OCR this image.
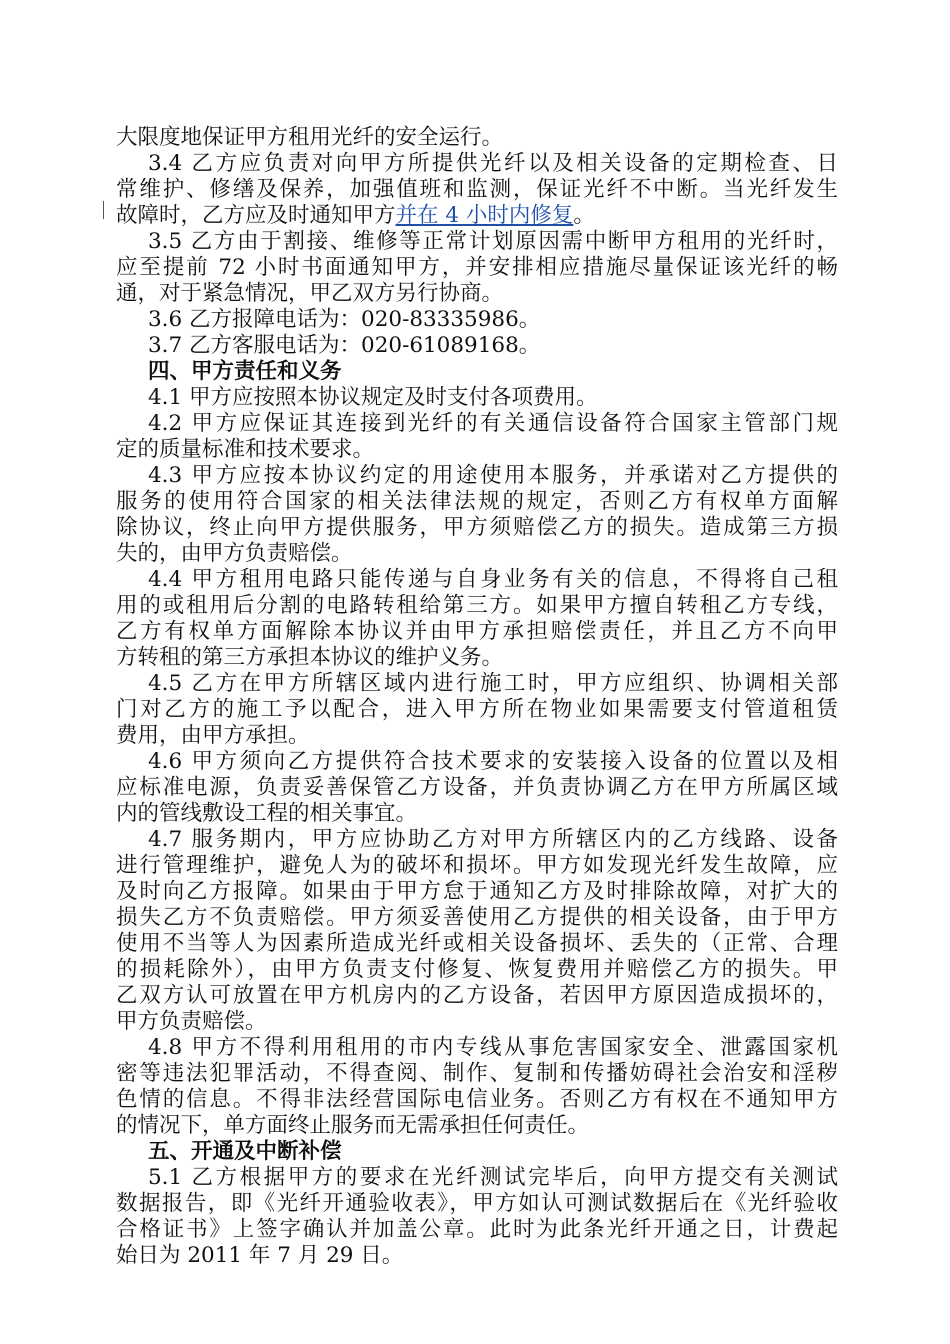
大限度地保证甲方租用光纤的安全运行。
3.4 乙方应负责对向甲方所提供光纤以及相关设备的定期检查、日
常维护、修缮及保养，加强值班和监测，保证光纤不中断。当光纤发生
故障时，乙方应及时通知甲方并在 4 小时内修复。
3.5 乙方由于割接、维修等正常计划原因需中断甲方租用的光纤时，
应至提前 72 小时书面通知甲方，并安排相应措施尽量保证该光纤的畅
通，对于紧急情况，甲乙双方另行协商。
3.6 乙方报障电话为：020-83335986。
3.7 乙方客服电话为：020-61089168。
四、甲方责任和义务
4.1 甲方应按照本协议规定及时支付各项费用。
4.2 甲方应保证其连接到光纤的有关通信设备符合国家主管部门规
定的质量标准和技术要求。
4.3 甲方应按本协议约定的用途使用本服务，并承诺对乙方提供的
服务的使用符合国家的相关法律法规的规定，否则乙方有权单方面解
除协议，终止向甲方提供服务，甲方须赔偿乙方的损失。造成第三方损
失的，由甲方负责赔偿。
4.4 甲方租用电路只能传递与自身业务有关的信息，不得将自己租
用的或租用后分割的电路转租给第三方。如果甲方擅自转租乙方专线，
乙方有权单方面解除本协议并由甲方承担赔偿责任，并且乙方不向甲
方转租的第三方承担本协议的维护义务。
4.5 乙方在甲方所辖区域内进行施工时，甲方应组织、协调相关部
门对乙方的施工予以配合，进入甲方所在物业如果需要支付管道租赁
费用，由甲方承担。
4.6 甲方须向乙方提供符合技术要求的安装接入设备的位置以及相
应标准电源，负责妥善保管乙方设备，并负责协调乙方在甲方所属区域
内的管线敷设工程的相关事宜。
4.7 服务期内，甲方应协助乙方对甲方所辖区内的乙方线路、设备
进行管理维护，避免人为的破坏和损坏。甲方如发现光纤发生故障，应
及时向乙方报障。如果由于甲方怠于通知乙方及时排除故障，对扩大的
损失乙方不负责赔偿。甲方须妥善使用乙方提供的相关设备，由于甲方
使用不当等人为因素所造成光纤或相关设备损坏、丢失的（正常、合理
的损耗除外），由甲方负责支付修复、恢复费用并赔偿乙方的损失。甲
乙双方认可放置在甲方机房内的乙方设备，若因甲方原因造成损坏的，
甲方负责赔偿。
4.8 甲方不得利用租用的市内专线从事危害国家安全、泄露国家机
密等违法犯罪活动，不得查阅、制作、复制和传播妨碍社会治安和淫秽
色情的信息。不得非法经营国际电信业务。否则乙方有权在不通知甲方
的情况下，单方面终止服务而无需承担任何责任。
五、开通及中断补偿
5.1 乙方根据甲方的要求在光纤测试完毕后，向甲方提交有关测试
数据报告，即《光纤开通验收表》，甲方如认可测试数据后在《光纤验收
合格证书》上签字确认并加盖公章。此时为此条光纤开通之日，计费起
始日为 2011 年 7 月 29 日。
